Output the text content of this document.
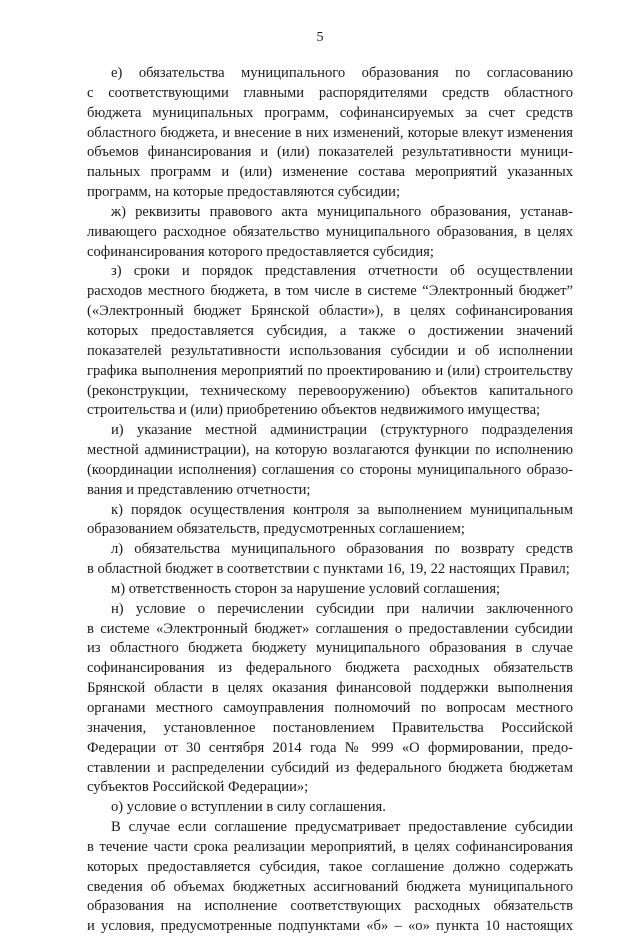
5
е) обязательства муниципального образования по согласованию
с соответствующими главными распорядителями средств областного
бюджета муниципальных программ, софинансируемых за счет средств
областного бюджета, и внесение в них изменений, которые влекут изменения
объемов финансирования и (или) показателей результативности муници-
пальных программ и (или) изменение состава мероприятий указанных
программ, на которые предоставляются субсидии;
ж) реквизиты правового акта муниципального образования, устанав-
ливающего расходное обязательство муниципального образования, в целях
софинансирования которого предоставляется субсидия;
з) сроки и порядок представления отчетности об осуществлении
расходов местного бюджета, в том числе в системе “Электронный бюджет”
(«Электронный бюджет Брянской области»), в целях софинансирования
которых предоставляется субсидия, а также о достижении значений
показателей результативности использования субсидии и об исполнении
графика выполнения мероприятий по проектированию и (или) строительству
(реконструкции, техническому перевооружению) объектов капитального
строительства и (или) приобретению объектов недвижимого имущества;
и) указание местной администрации (структурного подразделения
местной администрации), на которую возлагаются функции по исполнению
(координации исполнения) соглашения со стороны муниципального образо-
вания и представлению отчетности;
к) порядок осуществления контроля за выполнением муниципальным
образованием обязательств, предусмотренных соглашением;
л) обязательства муниципального образования по возврату средств
в областной бюджет в соответствии с пунктами 16, 19, 22 настоящих Правил;
м) ответственность сторон за нарушение условий соглашения;
н) условие о перечислении субсидии при наличии заключенного
в системе «Электронный бюджет» соглашения о предоставлении субсидии
из областного бюджета бюджету муниципального образования в случае
софинансирования из федерального бюджета расходных обязательств
Брянской области в целях оказания финансовой поддержки выполнения
органами местного самоуправления полномочий по вопросам местного
значения, установленное постановлением Правительства Российской
Федерации от 30 сентября 2014 года № 999 «О формировании, предо-
ставлении и распределении субсидий из федерального бюджета бюджетам
субъектов Российской Федерации»;
о) условие о вступлении в силу соглашения.
В случае если соглашение предусматривает предоставление субсидии
в течение части срока реализации мероприятий, в целях софинансирования
которых предоставляется субсидия, такое соглашение должно содержать
сведения об объемах бюджетных ассигнований бюджета муниципального
образования на исполнение соответствующих расходных обязательств
и условия, предусмотренные подпунктами «б» – «о» пункта 10 настоящих
